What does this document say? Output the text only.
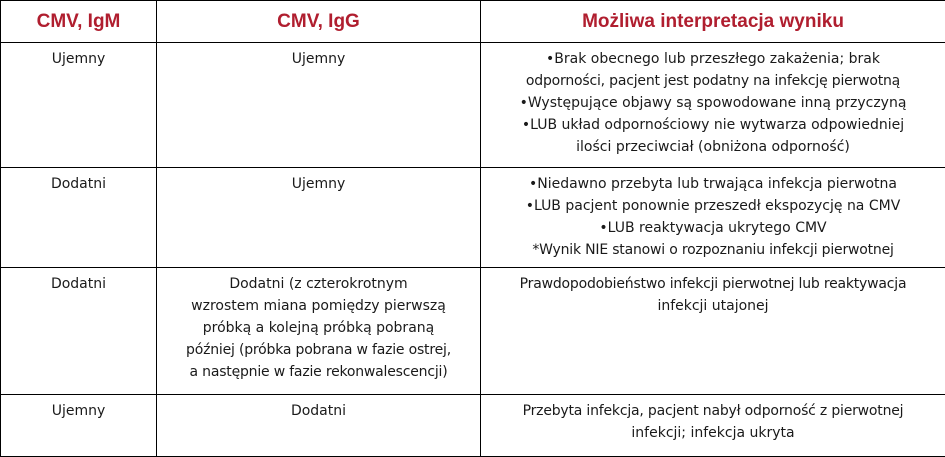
CMV, IgM	CMV, IgG	Możliwa interpretacja wyniku
Ujemny	Ujemny	•Brak obecnego lub przeszłego zakażenia; brak
odporności, pacjent jest podatny na infekcję pierwotną
•Występujące objawy są spowodowane inną przyczyną
•LUB układ odpornościowy nie wytwarza odpowiedniej
ilości przeciwciał (obniżona odporność)

Dodatni	Ujemny	•Niedawno przebyta lub trwająca infekcja pierwotna
•LUB pacjent ponownie przeszedł ekspozycję na CMV
•LUB reaktywacja ukrytego CMV
*Wynik NIE stanowi o rozpoznaniu infekcji pierwotnej

Dodatni	Dodatni (z czterokrotnym
wzrostem miana pomiędzy pierwszą
próbką a kolejną próbką pobraną
później (próbka pobrana w fazie ostrej,
a następnie w fazie rekonwalescencji)	Prawdopodobieństwo infekcji pierwotnej lub reaktywacja
infekcji utajonej

Ujemny	Dodatni	Przebyta infekcja, pacjent nabył odporność z pierwotnej
infekcji; infekcja ukryta
